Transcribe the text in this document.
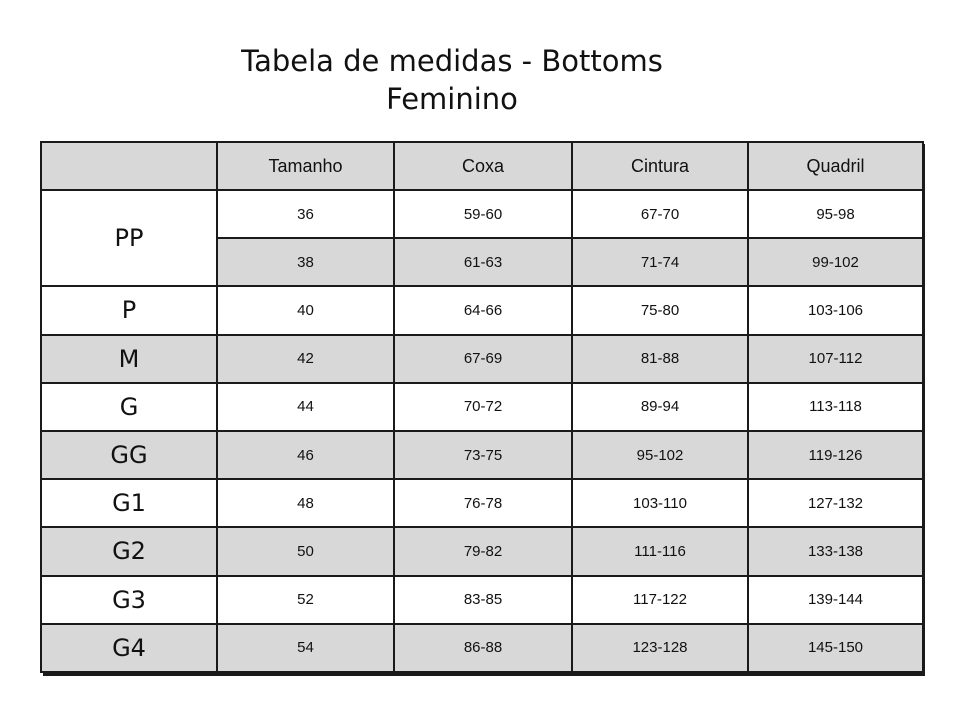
Tabela de medidas - Bottoms
Feminino
	Tamanho	Coxa	Cintura	Quadril
PP	36	59-60	67-70	95-98
	38	61-63	71-74	99-102
P	40	64-66	75-80	103-106
M	42	67-69	81-88	107-112
G	44	70-72	89-94	113-118
GG	46	73-75	95-102	119-126
G1	48	76-78	103-110	127-132
G2	50	79-82	111-116	133-138
G3	52	83-85	117-122	139-144
G4	54	86-88	123-128	145-150
